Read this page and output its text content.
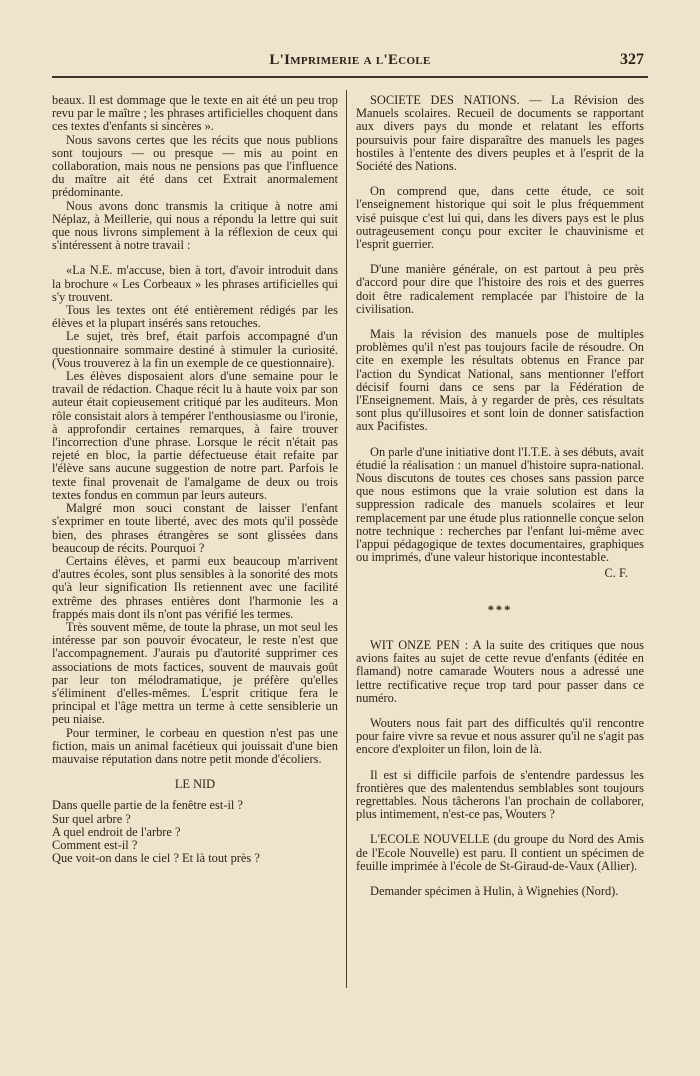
L'Imprimerie a l'Ecole	327

beaux. Il est dommage que le texte en ait été un peu trop revu par le maître ; les phrases artificielles choquent dans ces textes d'enfants si sincères ».

Nous savons certes que les récits que nous publions sont toujours — ou presque — mis au point en collaboration, mais nous ne pensions pas que l'influence du maître ait été dans cet Extrait anormalement prédominante.

Nous avons donc transmis la critique à notre ami Néplaz, à Meillerie, qui nous a répondu la lettre qui suit que nous livrons simplement à la réflexion de ceux qui s'intéressent à notre travail :

«La N.E. m'accuse, bien à tort, d'avoir introduit dans la brochure « Les Corbeaux » les phrases artificielles qui s'y trouvent.

Tous les textes ont été entièrement rédigés par les élèves et la plupart insérés sans retouches.

Le sujet, très bref, était parfois accompagné d'un questionnaire sommaire destiné à stimuler la curiosité. (Vous trouverez à la fin un exemple de ce questionnaire).

Les élèves disposaient alors d'une semaine pour le travail de rédaction. Chaque récit lu à haute voix par son auteur était copieusement critiqué par les auditeurs. Mon rôle consistait alors à tempérer l'enthousiasme ou l'ironie, à approfondir certaines remarques, à faire trouver l'incorrection d'une phrase. Lorsque le récit n'était pas rejeté en bloc, la partie défectueuse était refaite par l'élève sans aucune suggestion de notre part. Parfois le texte final provenait de l'amalgame de deux ou trois textes fondus en commun par leurs auteurs.

Malgré mon souci constant de laisser l'enfant s'exprimer en toute liberté, avec des mots qu'il possède bien, des phrases étrangères se sont glissées dans beaucoup de récits. Pourquoi ?

Certains élèves, et parmi eux beaucoup m'arrivent d'autres écoles, sont plus sensibles à la sonorité des mots qu'à leur signification Ils retiennent avec une facilité extrême des phrases entières dont l'harmonie les a frappés mais dont ils n'ont pas vérifié les termes.

Très souvent même, de toute la phrase, un mot seul les intéresse par son pouvoir évocateur, le reste n'est que l'accompagnement. J'aurais pu d'autorité supprimer ces associations de mots factices, souvent de mauvais goût par leur ton mélodramatique, je préfère qu'elles s'éliminent d'elles-mêmes. L'esprit critique fera le principal et l'âge mettra un terme à cette sensiblerie un peu niaise.

Pour terminer, le corbeau en question n'est pas une fiction, mais un animal facétieux qui jouissait d'une bien mauvaise réputation dans notre petit monde d'écoliers.

LE NID
Dans quelle partie de la fenêtre est-il ?
Sur quel arbre ?
A quel endroit de l'arbre ?
Comment est-il ?
Que voit-on dans le ciel ? Et là tout près ?

SOCIETE DES NATIONS. — La Révision des Manuels scolaires. Recueil de documents se rapportant aux divers pays du monde et relatant les efforts poursuivis pour faire disparaître des manuels les pages hostiles à l'entente des divers peuples et à l'esprit de la Société des Nations.

On comprend que, dans cette étude, ce soit l'enseignement historique qui soit le plus fréquemment visé puisque c'est lui qui, dans les divers pays est le plus outrageusement conçu pour exciter le chauvinisme et l'esprit guerrier.

D'une manière générale, on est partout à peu près d'accord pour dire que l'histoire des rois et des guerres doit être radicalement remplacée par l'histoire de la civilisation.

Mais la révision des manuels pose de multiples problèmes qu'il n'est pas toujours facile de résoudre. On cite en exemple les résultats obtenus en France par l'action du Syndicat National, sans mentionner l'effort décisif fourni dans ce sens par la Fédération de l'Enseignement. Mais, à y regarder de près, ces résultats sont plus qu'illusoires et sont loin de donner satisfaction aux Pacifistes.

On parle d'une initiative dont l'I.T.E. à ses débuts, avait étudié la réalisation : un manuel d'histoire supra-national. Nous discutons de toutes ces choses sans passion parce que nous estimons que la vraie solution est dans la suppression radicale des manuels scolaires et leur remplacement par une étude plus rationnelle conçue selon notre technique : recherches par l'enfant lui-même avec l'appui pédagogique de textes documentaires, graphiques ou imprimés, d'une valeur historique incontestable.

C. F.
***

WIT ONZE PEN : A la suite des critiques que nous avions faites au sujet de cette revue d'enfants (éditée en flamand) notre camarade Wouters nous a adressé une lettre rectificative reçue trop tard pour passer dans ce numéro.

Wouters nous fait part des difficultés qu'il rencontre pour faire vivre sa revue et nous assurer qu'il ne s'agit pas encore d'exploiter un filon, loin de là.

Il est si difficile parfois de s'entendre pardessus les frontières que des malentendus semblables sont toujours regrettables. Nous tâcherons l'an prochain de collaborer, plus intimement, n'est-ce pas, Wouters ?

L'ECOLE NOUVELLE (du groupe du Nord des Amis de l'Ecole Nouvelle) est paru. Il contient un spécimen de feuille imprimée à l'école de St-Giraud-de-Vaux (Allier).

Demander spécimen à Hulin, à Wignehies (Nord).
